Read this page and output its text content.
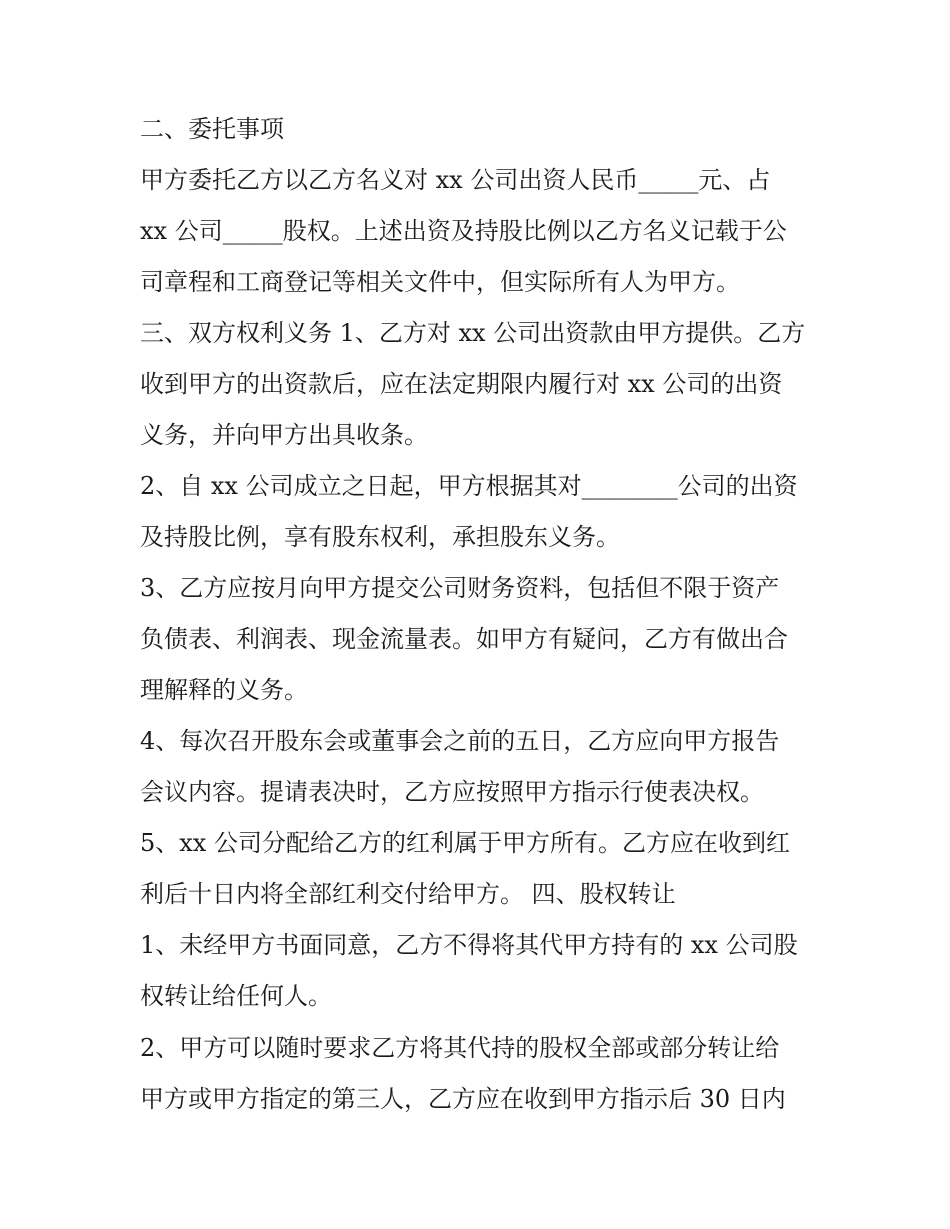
二、委托事项
甲方委托乙方以乙方名义对 xx 公司出资人民币_____元、占
xx 公司_____股权。上述出资及持股比例以乙方名义记载于公
司章程和工商登记等相关文件中，但实际所有人为甲方。
三、双方权利义务 1、乙方对 xx 公司出资款由甲方提供。乙方
收到甲方的出资款后，应在法定期限内履行对 xx 公司的出资
义务，并向甲方出具收条。
2、自 xx 公司成立之日起，甲方根据其对________公司的出资
及持股比例，享有股东权利，承担股东义务。
3、乙方应按月向甲方提交公司财务资料，包括但不限于资产
负债表、利润表、现金流量表。如甲方有疑问，乙方有做出合
理解释的义务。
4、每次召开股东会或董事会之前的五日，乙方应向甲方报告
会议内容。提请表决时，乙方应按照甲方指示行使表决权。
5、xx 公司分配给乙方的红利属于甲方所有。乙方应在收到红
利后十日内将全部红利交付给甲方。 四、股权转让
1、未经甲方书面同意，乙方不得将其代甲方持有的 xx 公司股
权转让给任何人。
2、甲方可以随时要求乙方将其代持的股权全部或部分转让给
甲方或甲方指定的第三人，乙方应在收到甲方指示后 30 日内
